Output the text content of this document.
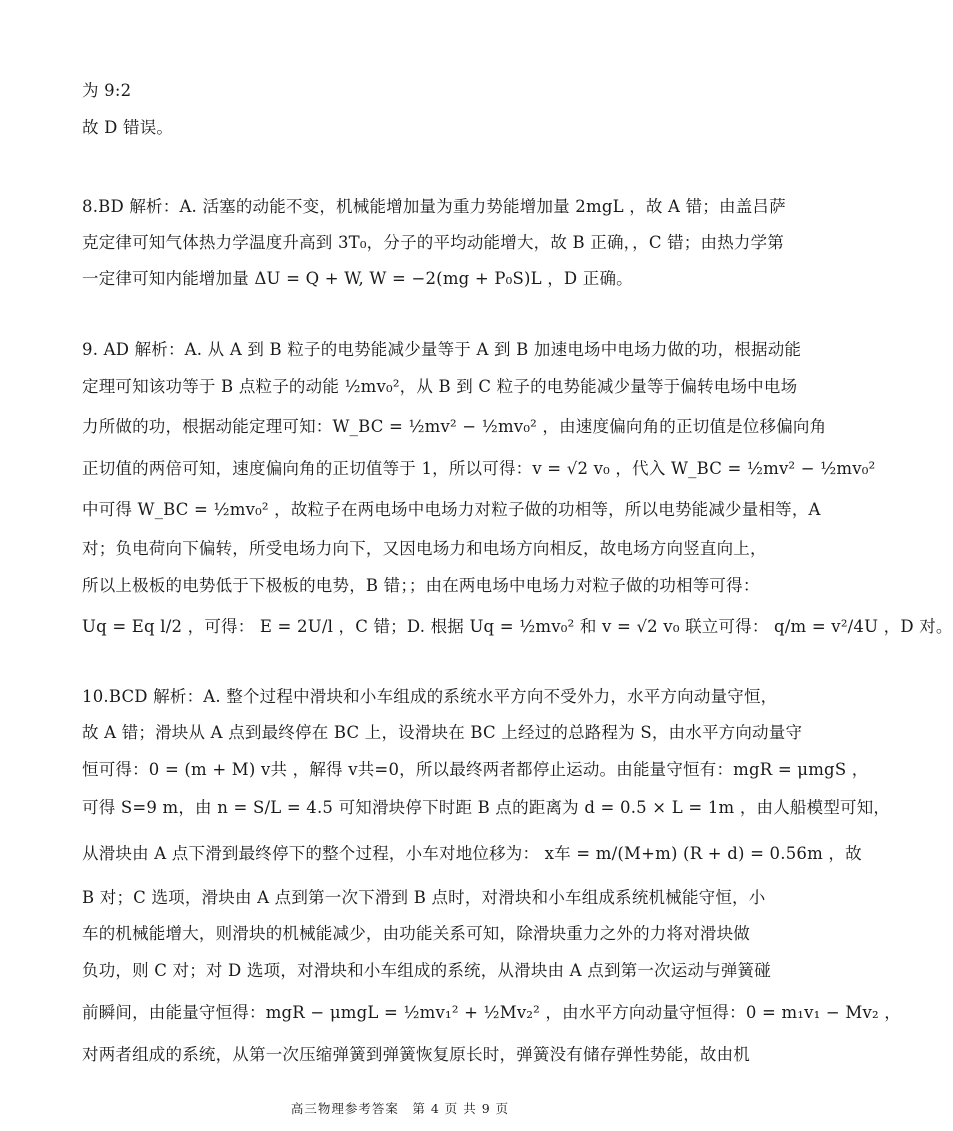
为 9:2
故 D 错误。
8.BD 解析：A. 活塞的动能不变，机械能增加量为重力势能增加量 2mgL ，故 A 错；由盖吕萨
克定律可知气体热力学温度升高到 3T₀，分子的平均动能增大，故 B 正确，，C 错；由热力学第
一定律可知内能增加量 ΔU = Q + W, W = −2(mg + P₀S)L ，D 正确。
9. AD 解析：A. 从 A 到 B 粒子的电势能减少量等于 A 到 B 加速电场中电场力做的功，根据动能
定理可知该功等于 B 点粒子的动能 ½mv₀²，从 B 到 C 粒子的电势能减少量等于偏转电场中电场
力所做的功，根据动能定理可知：W_BC = ½mv² − ½mv₀² ，由速度偏向角的正切值是位移偏向角
正切值的两倍可知，速度偏向角的正切值等于 1，所以可得：v = √2 v₀ ，代入 W_BC = ½mv² − ½mv₀²
中可得 W_BC = ½mv₀² ，故粒子在两电场中电场力对粒子做的功相等，所以电势能减少量相等，A
对；负电荷向下偏转，所受电场力向下，又因电场力和电场方向相反，故电场方向竖直向上，
所以上极板的电势低于下极板的电势，B 错；；由在两电场中电场力对粒子做的功相等可得：
Uq = Eq l/2 ，可得： E = 2U/l ，C 错；D. 根据 Uq = ½mv₀² 和 v = √2 v₀ 联立可得： q/m = v²/4U ，D 对。
10.BCD 解析：A. 整个过程中滑块和小车组成的系统水平方向不受外力，水平方向动量守恒，
故 A 错；滑块从 A 点到最终停在 BC 上，设滑块在 BC 上经过的总路程为 S，由水平方向动量守
恒可得：0 = (m + M) v共 ，解得 v共=0，所以最终两者都停止运动。由能量守恒有：mgR = μmgS ，
可得 S=9 m，由 n = S/L = 4.5 可知滑块停下时距 B 点的距离为 d = 0.5 × L = 1m ，由人船模型可知，
从滑块由 A 点下滑到最终停下的整个过程，小车对地位移为： x车 = m/(M+m) (R + d) = 0.56m ，故
B 对；C 选项，滑块由 A 点到第一次下滑到 B 点时，对滑块和小车组成系统机械能守恒，小
车的机械能增大，则滑块的机械能减少，由功能关系可知，除滑块重力之外的力将对滑块做
负功，则 C 对；对 D 选项，对滑块和小车组成的系统，从滑块由 A 点到第一次运动与弹簧碰
前瞬间，由能量守恒得：mgR − μmgL = ½mv₁² + ½Mv₂² ，由水平方向动量守恒得：0 = m₁v₁ − Mv₂ ，
对两者组成的系统，从第一次压缩弹簧到弹簧恢复原长时，弹簧没有储存弹性势能，故由机
高三物理参考答案　第 4 页 共 9 页
